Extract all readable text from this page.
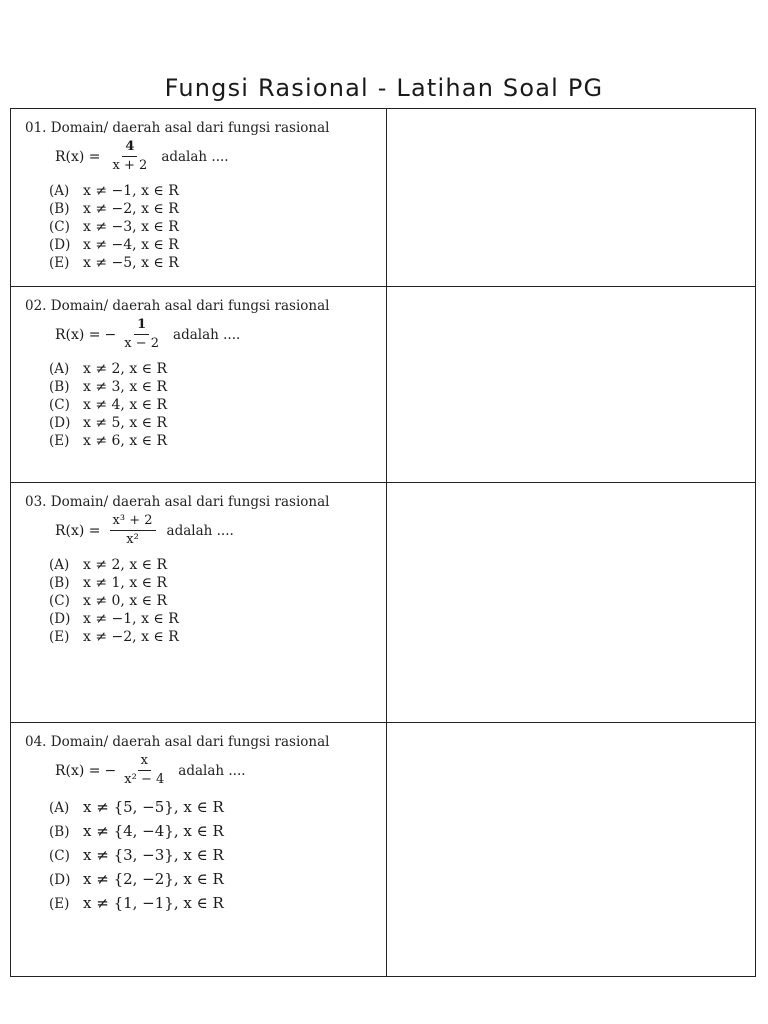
Fungsi Rasional - Latihan Soal PG
01. Domain/ daerah asal dari fungsi rasional
$R(x) = \frac{4}{x + 2}$ adalah ....
(A) x ≠ −1, x ∈ R
(B) x ≠ −2, x ∈ R
(C) x ≠ −3, x ∈ R
(D) x ≠ −4, x ∈ R
(E) x ≠ −5, x ∈ R
02. Domain/ daerah asal dari fungsi rasional
R(x) = − $\frac{1}{x - 2}$ adalah ....
(A) x ≠ 2, x ∈ R
(B) x ≠ 3, x ∈ R
(C) x ≠ 4, x ∈ R
(D) x ≠ 5, x ∈ R
(E) x ≠ 6, x ∈ R
03. Domain/ daerah asal dari fungsi rasional
$R(x) = \frac{\text{x³ + 2}}{\text{x²}}$ adalah ....
(A) x ≠ 2, x ∈ R
(B) x ≠ 1, x ∈ R
(C) x ≠ 0, x ∈ R
(D) x ≠ −1, x ∈ R
(E) x ≠ −2, x ∈ R
04. Domain/ daerah asal dari fungsi rasional
R(x) = − $\frac{x}{\text{x² − 4}}$ adalah ....
(A) x ≠ {5, −5}, x ∈ R
(B) x ≠ {4, −4}, x ∈ R
(C) x ≠ {3, −3}, x ∈ R
(D) x ≠ {2, −2}, x ∈ R
(E) x ≠ {1, −1}, x ∈ R
